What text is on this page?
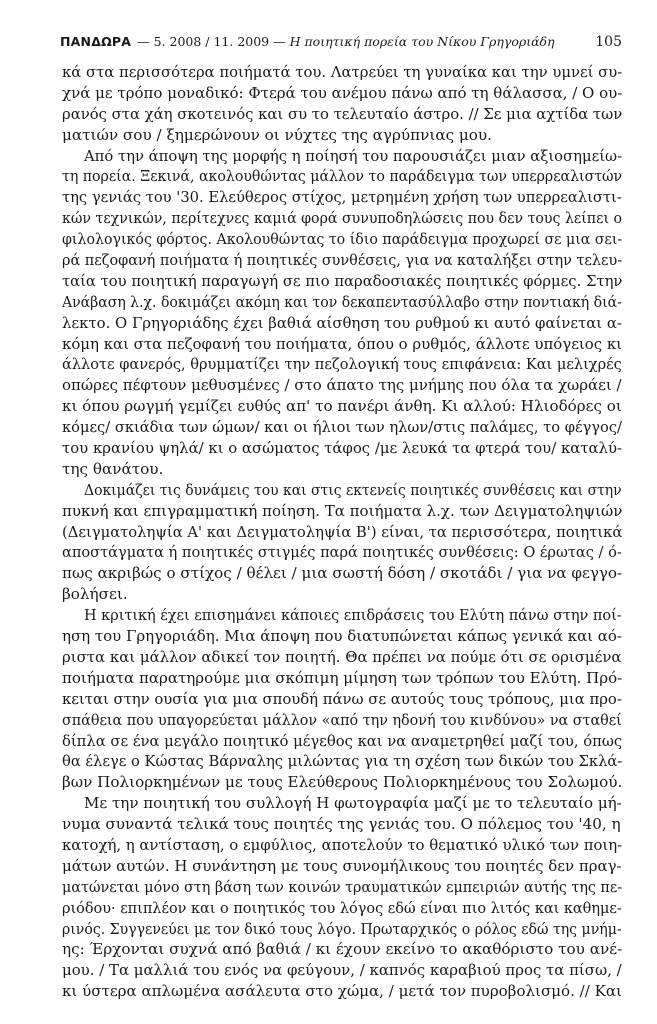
ΠΑΝΔΩΡΑ — 5. 2008 / 11. 2009 — Η ποιητική πορεία του Νίκου Γρηγοριάδη	105
κά στα περισσότερα ποιήματά του. Λατρεύει τη γυναίκα και την υμνεί συ-
χνά με τρόπο μοναδικό: Φτερά του ανέμου πάνω από τη θάλασσα, / Ο ου-
ρανός στα χάη σκοτεινός και συ το τελευταίο άστρο. // Σε μια αχτίδα των
ματιών σου / ξημερώνουν οι νύχτες της αγρύπνιας μου.
Από την άποψη της μορφής η ποίησή του παρουσιάζει μιαν αξιοσημείω-
τη πορεία. Ξεκινά, ακολουθώντας μάλλον το παράδειγμα των υπερρεαλιστών
της γενιάς του '30. Ελεύθερος στίχος, μετρημένη χρήση των υπερρεαλιστι-
κών τεχνικών, περίτεχνες καμιά φορά συνυποδηλώσεις που δεν τους λείπει ο
φιλολογικός φόρτος. Ακολουθώντας το ίδιο παράδειγμα προχωρεί σε μια σει-
ρά πεζοφανή ποιήματα ή ποιητικές συνθέσεις, για να καταλήξει στην τελευ-
ταία του ποιητική παραγωγή σε πιο παραδοσιακές ποιητικές φόρμες. Στην
Ανάβαση λ.χ. δοκιμάζει ακόμη και τον δεκαπεντασύλλαβο στην ποντιακή διά-
λεκτο. Ο Γρηγοριάδης έχει βαθιά αίσθηση του ρυθμού κι αυτό φαίνεται α-
κόμη και στα πεζοφανή του ποιήματα, όπου ο ρυθμός, άλλοτε υπόγειος κι
άλλοτε φανερός, θρυμματίζει την πεζολογική τους επιφάνεια: Και μελιχρές
οπώρες πέφτουν μεθυσμένες / στο άπατο της μνήμης που όλα τα χωράει /
κι όπου ρωγμή γεμίζει ευθύς απ' το πανέρι άνθη. Κι αλλού: Ηλιοδόρες οι
κόμες/ σκιάδια των ώμων/ και οι ήλιοι των ηλων/στις παλάμες, το φέγγος/
του κρανίου ψηλά/ κι ο ασώματος τάφος /με λευκά τα φτερά του/ καταλύ-
της θανάτου.
Δοκιμάζει τις δυνάμεις του και στις εκτενείς ποιητικές συνθέσεις και στην
πυκνή και επιγραμματική ποίηση. Τα ποιήματα λ.χ. των Δειγματοληψιών
(Δειγματοληψία Α' και Δειγματοληψία Β') είναι, τα περισσότερα, ποιητικά
αποστάγματα ή ποιητικές στιγμές παρά ποιητικές συνθέσεις: Ο έρωτας / ό-
πως ακριβώς ο στίχος / θέλει / μια σωστή δόση / σκοτάδι / για να φεγγο-
βολήσει.
Η κριτική έχει επισημάνει κάποιες επιδράσεις του Ελύτη πάνω στην ποί-
ηση του Γρηγοριάδη. Μια άποψη που διατυπώνεται κάπως γενικά και αό-
ριστα και μάλλον αδικεί τον ποιητή. Θα πρέπει να πούμε ότι σε ορισμένα
ποιήματα παρατηρούμε μια σκόπιμη μίμηση των τρόπων του Ελύτη. Πρό-
κειται στην ουσία για μια σπουδή πάνω σε αυτούς τους τρόπους, μια προ-
σπάθεια που υπαγορεύεται μάλλον «από την ηδονή του κινδύνου» να σταθεί
δίπλα σε ένα μεγάλο ποιητικό μέγεθος και να αναμετρηθεί μαζί του, όπως
θα έλεγε ο Κώστας Βάρναλης μιλώντας για τη σχέση των δικών του Σκλά-
βων Πολιορκημένων με τους Ελεύθερους Πολιορκημένους του Σολωμού.
Με την ποιητική του συλλογή Η φωτογραφία μαζί με το τελευταίο μή-
νυμα συναντά τελικά τους ποιητές της γενιάς του. Ο πόλεμος του '40, η
κατοχή, η αντίσταση, ο εμφύλιος, αποτελούν το θεματικό υλικό των ποιη-
μάτων αυτών. Η συνάντηση με τους συνομήλικους του ποιητές δεν πραγ-
ματώνεται μόνο στη βάση των κοινών τραυματικών εμπειριών αυτής της πε-
ριόδου· επιπλέον και ο ποιητικός του λόγος εδώ είναι πιο λιτός και καθημε-
ρινός. Συγγενεύει με τον δικό τους λόγο. Πρωταρχικός ο ρόλος εδώ της μνήμ-
ης: Έρχονται συχνά από βαθιά / κι έχουν εκείνο το ακαθόριστο του ανέ-
μου. / Τα μαλλιά του ενός να φεύγουν, / καπνός καραβιού προς τα πίσω, /
κι ύστερα απλωμένα ασάλευτα στο χώμα, / μετά τον πυροβολισμό. // Και
